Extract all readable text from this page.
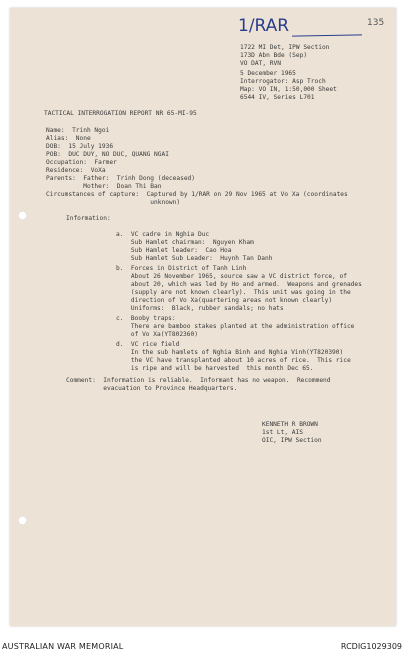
1/RAR	135
1722 MI Det, IPW Section
173D Abn Bde (Sep)
VO DAT, RVN
5 December 1965
Interrogator: Asp Troch
Map: VO IN, 1:50,000 Sheet
6544 IV, Series L701
TACTICAL INTERROGATION REPORT NR 65-MI-95
Name:  Trinh Ngoi
Alias:  None
DOB:  15 July 1936
POB:  DUC DUY, NO DUC, QUANG NGAI
Occupation:  Farmer
Residence:  VoXa
Parents:  Father:  Trinh Dong (deceased)
Mother:  Doan Thi Ban
Circumstances of capture:  Captured by 1/RAR on 29 Nov 1965 at Vo Xa (coordinates
unknown)
Information:
a.  VC cadre in Nghia Duc
Sub Hamlet chairman:  Nguyen Kham
Sub Hamlet leader:  Cao Hoa
Sub Hamlet Sub Leader:  Huynh Tan Danh
b.  Forces in District of Tanh Linh
About 26 November 1965, source saw a VC district force, of
about 20, which was led by Ho and armed.  Weapons and grenades
(supply are not known clearly).  This unit was going in the
direction of Vo Xa(quartering areas not known clearly)
Uniforms:  Black, rubber sandals; no hats
c.  Booby traps:
There are bamboo stakes planted at the administration office
of Vo Xa(YT802360)
d.  VC rice field
In the sub hamlets of Nghia Binh and Nghia Vinh(YT820390)
the VC have transplanted about 10 acres of rice.  This rice
is ripe and will be harvested  this month Dec 65.
Comment:  Information is reliable.  Informant has no weapon.  Recommend
evacuation to Province Headquarters.
KENNETH R BROWN
1st Lt, AIS
OIC, IPW Section
AUSTRALIAN WAR MEMORIAL	RCDIG1029309
